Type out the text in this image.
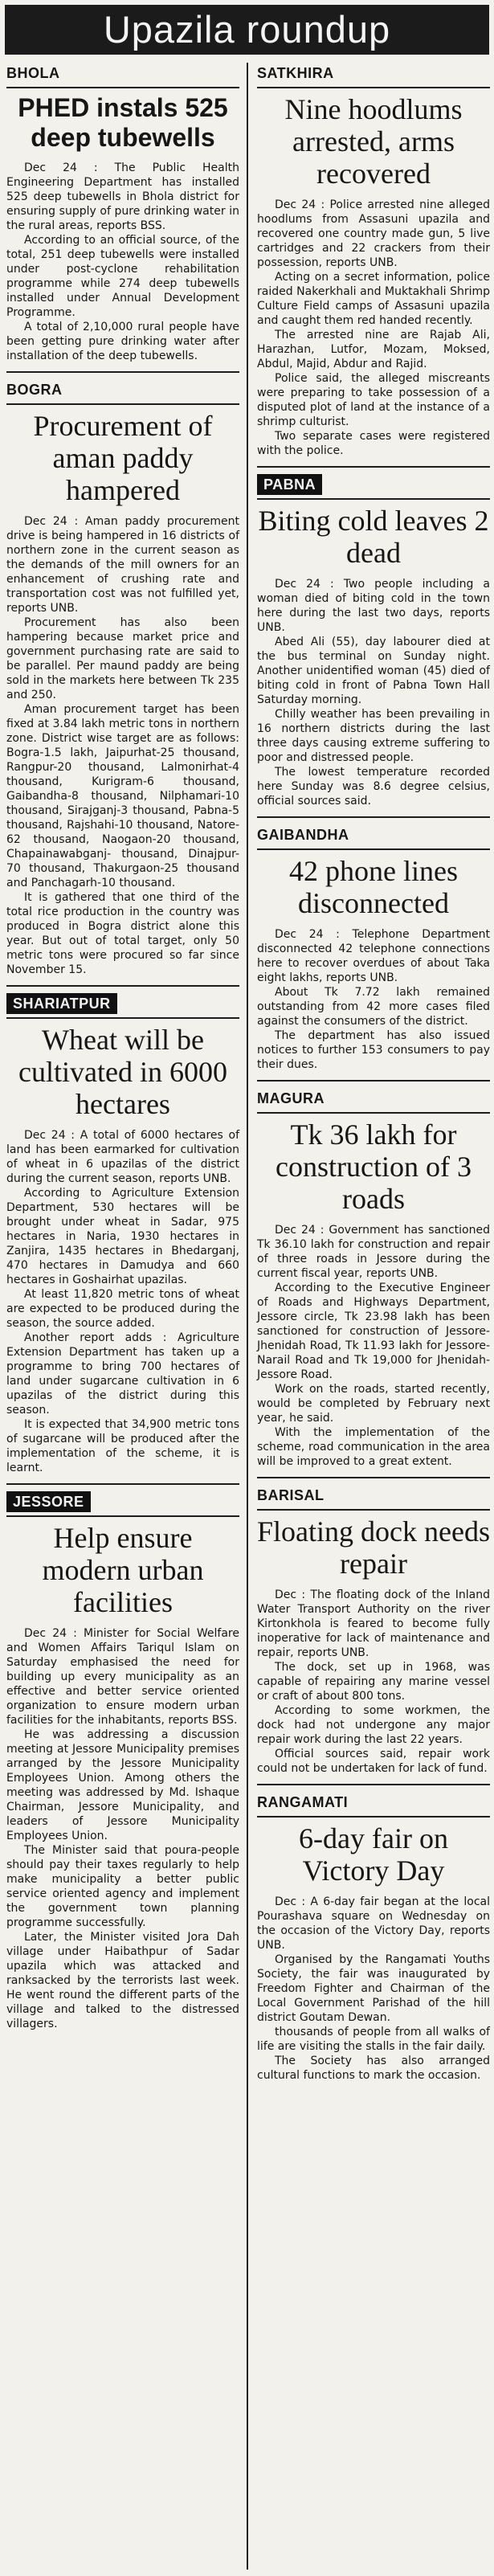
Upazila roundup
BHOLA
PHED instals 525 deep tubewells

Dec 24 : The Public Health Engineering Department has installed 525 deep tubewells in Bhola district for ensuring supply of pure drinking water in the rural areas, reports BSS.

According to an official source, of the total, 251 deep tubewells were installed under post-cyclone rehabilitation programme while 274 deep tubewells installed under Annual Development Programme.

A total of 2,10,000 rural people have been getting pure drinking water after installation of the deep tubewells.

BOGRA
Procurement of aman paddy hampered

Dec 24 : Aman paddy procurement drive is being hampered in 16 districts of northern zone in the current season as the demands of the mill owners for an enhancement of crushing rate and transportation cost was not fulfilled yet, reports UNB.

Procurement has also been hampering because market price and government purchasing rate are said to be parallel. Per maund paddy are being sold in the markets here between Tk 235 and 250.

Aman procurement target has been fixed at 3.84 lakh metric tons in northern zone. District wise target are as follows: Bogra-1.5 lakh, Jaipurhat-25 thousand, Rangpur-20 thousand, Lalmonirhat-4 thousand, Kurigram-6 thousand, Gaibandha-8 thousand, Nilphamari-10 thousand, Sirajganj-3 thousand, Pabna-5 thousand, Rajshahi-10 thousand, Natore-62 thousand, Naogaon-20 thousand, Chapainawabganj- thousand, Dinajpur-70 thousand, Thakurgaon-25 thousand and Panchagarh-10 thousand.

It is gathered that one third of the total rice production in the country was produced in Bogra district alone this year. But out of total target, only 50 metric tons were procured so far since November 15.

SHARIATPUR
Wheat will be cultivated in 6000 hectares

Dec 24 : A total of 6000 hectares of land has been earmarked for cultivation of wheat in 6 upazilas of the district during the current season, reports UNB.

According to Agriculture Extension Department, 530 hectares will be brought under wheat in Sadar, 975 hectares in Naria, 1930 hectares in Zanjira, 1435 hectares in Bhedarganj, 470 hectares in Damudya and 660 hectares in Goshairhat upazilas.

At least 11,820 metric tons of wheat are expected to be produced during the season, the source added.

Another report adds : Agriculture Extension Department has taken up a programme to bring 700 hectares of land under sugarcane cultivation in 6 upazilas of the district during this season.

It is expected that 34,900 metric tons of sugarcane will be produced after the implementation of the scheme, it is learnt.

JESSORE
Help ensure modern urban facilities

Dec 24 : Minister for Social Welfare and Women Affairs Tariqul Islam on Saturday emphasised the need for building up every municipality as an effective and better service oriented organization to ensure modern urban facilities for the inhabitants, reports BSS.

He was addressing a discussion meeting at Jessore Municipality premises arranged by the Jessore Municipality Employees Union. Among others the meeting was addressed by Md. Ishaque Chairman, Jessore Municipality, and leaders of Jessore Municipality Employees Union.

The Minister said that poura-people should pay their taxes regularly to help make municipality a better public service oriented agency and implement the government town planning programme successfully.

Later, the Minister visited Jora Dah village under Haibathpur of Sadar upazila which was attacked and ranksacked by the terrorists last week. He went round the different parts of the village and talked to the distressed villagers.

SATKHIRA
Nine hoodlums arrested, arms recovered

Dec 24 : Police arrested nine alleged hoodlums from Assasuni upazila and recovered one country made gun, 5 live cartridges and 22 crackers from their possession, reports UNB.

Acting on a secret information, police raided Nakerkhali and Muktakhali Shrimp Culture Field camps of Assasuni upazila and caught them red handed recently.

The arrested nine are Rajab Ali, Harazhan, Lutfor, Mozam, Moksed, Abdul, Majid, Abdur and Rajid.

Police said, the alleged miscreants were preparing to take possession of a disputed plot of land at the instance of a shrimp culturist.

Two separate cases were registered with the police.

PABNA
Biting cold leaves 2 dead

Dec 24 : Two people including a woman died of biting cold in the town here during the last two days, reports UNB.

Abed Ali (55), day labourer died at the bus terminal on Sunday night. Another unidentified woman (45) died of biting cold in front of Pabna Town Hall Saturday morning.

Chilly weather has been prevailing in 16 northern districts during the last three days causing extreme suffering to poor and distressed people.

The lowest temperature recorded here Sunday was 8.6 degree celsius, official sources said.

GAIBANDHA
42 phone lines disconnected

Dec 24 : Telephone Department disconnected 42 telephone connections here to recover overdues of about Taka eight lakhs, reports UNB.

About Tk 7.72 lakh remained outstanding from 42 more cases filed against the consumers of the district.

The department has also issued notices to further 153 consumers to pay their dues.

MAGURA
Tk 36 lakh for construction of 3 roads

Dec 24 : Government has sanctioned Tk 36.10 lakh for construction and repair of three roads in Jessore during the current fiscal year, reports UNB.

According to the Executive Engineer of Roads and Highways Department, Jessore circle, Tk 23.98 lakh has been sanctioned for construction of Jessore-Jhenidah Road, Tk 11.93 lakh for Jessore-Narail Road and Tk 19,000 for Jhenidah-Jessore Road.

Work on the roads, started recently, would be completed by February next year, he said.

With the implementation of the scheme, road communication in the area will be improved to a great extent.

BARISAL
Floating dock needs repair

Dec : The floating dock of the Inland Water Transport Authority on the river Kirtonkhola is feared to become fully inoperative for lack of maintenance and repair, reports UNB.

The dock, set up in 1968, was capable of repairing any marine vessel or craft of about 800 tons.

According to some workmen, the dock had not undergone any major repair work during the last 22 years.

Official sources said, repair work could not be undertaken for lack of fund.

RANGAMATI
6-day fair on Victory Day

Dec : A 6-day fair began at the local Pourashava square on Wednesday on the occasion of the Victory Day, reports UNB.

Organised by the Rangamati Youths Society, the fair was inaugurated by Freedom Fighter and Chairman of the Local Government Parishad of the hill district Goutam Dewan.

thousands of people from all walks of life are visiting the stalls in the fair daily.

The Society has also arranged cultural functions to mark the occasion.
